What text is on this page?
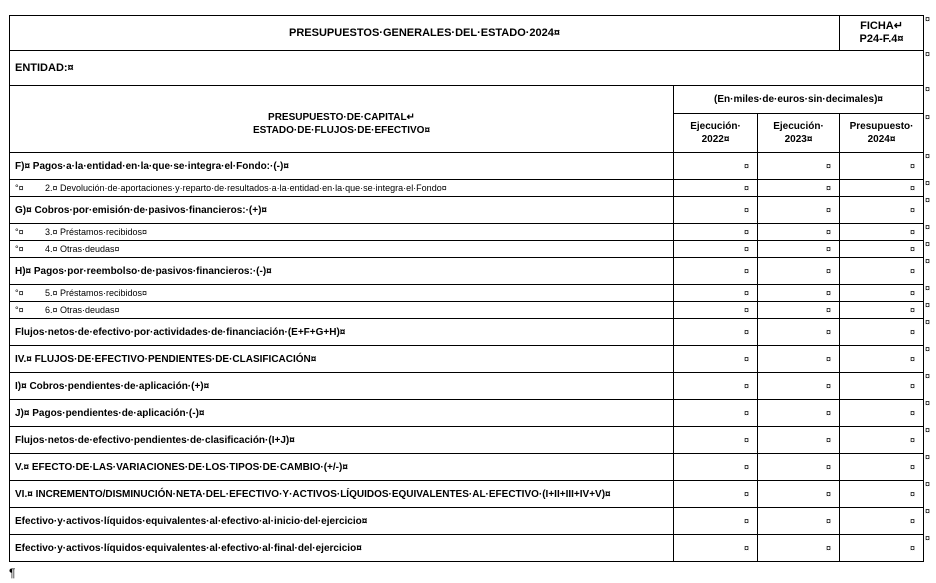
PRESUPUESTOS·GENERALES·DEL·ESTADO·2024¤			FICHA↵
P24-F.4¤
ENTIDAD:¤			
PRESUPUESTO·DE·CAPITAL↵
ESTADO·DE·FLUJOS·DE·EFECTIVO¤	(En·miles·de·euros·sin·decimales)¤		
	Ejecución·
2022¤	Ejecución·
2023¤	Presupuesto·
2024¤
F)¤ Pagos·a·la·entidad·en·la·que·se·integra·el·Fondo:·(-)¤	¤	¤	¤
°¤ 2.¤ Devolución·de·aportaciones·y·reparto·de·resultados·a·la·entidad·en·la·que·se·integra·el·Fondo¤	¤	¤	¤
G)¤ Cobros·por·emisión·de·pasivos·financieros:·(+)¤	¤	¤	¤
°¤ 3.¤ Préstamos·recibidos¤	¤	¤	¤
°¤ 4.¤ Otras·deudas¤	¤	¤	¤
H)¤ Pagos·por·reembolso·de·pasivos·financieros:·(-)¤	¤	¤	¤
°¤ 5.¤ Préstamos·recibidos¤	¤	¤	¤
°¤ 6.¤ Otras·deudas¤	¤	¤	¤
Flujos·netos·de·efectivo·por·actividades·de·financiación·(E+F+G+H)¤	¤	¤	¤
IV.¤ FLUJOS·DE·EFECTIVO·PENDIENTES·DE·CLASIFICACIÓN¤	¤	¤	¤
I)¤ Cobros·pendientes·de·aplicación·(+)¤	¤	¤	¤
J)¤ Pagos·pendientes·de·aplicación·(-)¤	¤	¤	¤
Flujos·netos·de·efectivo·pendientes·de·clasificación·(I+J)¤	¤	¤	¤
V.¤ EFECTO·DE·LAS·VARIACIONES·DE·LOS·TIPOS·DE·CAMBIO·(+/-)¤	¤	¤	¤
VI.¤ INCREMENTO/DISMINUCIÓN·NETA·DEL·EFECTIVO·Y·ACTIVOS·LÍQUIDOS·EQUIVALENTES·AL·EFECTIVO·(I+II+III+IV+V)¤	¤	¤	¤
Efectivo·y·activos·líquidos·equivalentes·al·efectivo·al·inicio·del·ejercicio¤	¤	¤	¤
Efectivo·y·activos·líquidos·equivalentes·al·efectivo·al·final·del·ejercicio¤	¤	¤	¤
¤
¤
¤
¤
¤
¤
¤
¤
¤
¤
¤
¤
¤
¤
¤
¤
¤
¤
¤
¤
¤
¶
